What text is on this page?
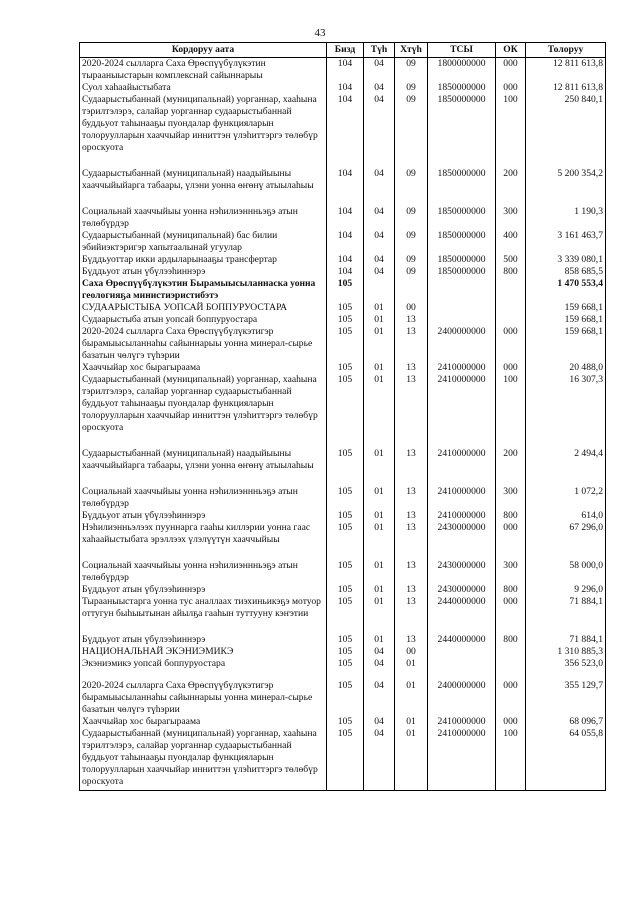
43
Кордоруу аата	Бизд	Түһ	Хтүһ	ТСЫ	ОК	Толоруу
2020-2024 сылларга Саха Өрөспүүбүлүкэтин тырааныыстарын комплекснай сайыннарыы	104	04	09	1800000000	000	12 811 613,8
Суол хаһаайыстыбата	104	04	09	1850000000	000	12 811 613,8
Судаарыстыбаннай (муниципальнай) уорганнар, хааһына тэрилтэлэрэ, салайар уорганнар судаарыстыбаннай буддьуот таһынааҕы пуондалар функцияларын толоруулларын хааччыйар инниттэн үлэһиттэргэ төлөбүр ороскуота	104	04	09	1850000000	100	250 840,1
Судаарыстыбаннай (муниципальнай) наадыйыыны хааччыйыйарга табаары, үлэни уонна өҥөнү атыылаһыы	104	04	09	1850000000	200	5 200 354,2
Социальнай хааччыйыы уонна нэһилиэннньэҕэ атын төлөбүрдэр	104	04	09	1850000000	300	1 190,3
Судаарыстыбаннай (муниципальнай) бас билии эбийиэктэригэр хапытаалынай угуулар	104	04	09	1850000000	400	3 161 463,7
Бүддьуоттар икки ардыларынааҕы трансфертар	104	04	09	1850000000	500	3 339 080,1
Бүддьуот атын үбүлээһиннэрэ	104	04	09	1850000000	800	858 685,5
Саха Өрөспүүбүлүкэтин Бырамыысыланнаска уонна геологияҕа министиэристибэтэ	105					1 470 553,4
СУДААРЫСТЫБА УОПСАЙ БОППУРУОСТАРА	105	01	00			159 668,1
Судаарыстыба атын уопсай боппуруостара	105	01	13			159 668,1
2020-2024 сылларга Саха Өрөспүүбүлүкэтигэр бырамыысыланнаһы сайыннарыы уонна минерал-сырье базатын чөлүгэ түһэрии	105	01	13	2400000000	000	159 668,1
Хааччыйар хос бырагыраама	105	01	13	2410000000	000	20 488,0
Судаарыстыбаннай (муниципальнай) уорганнар, хааһына тэрилтэлэрэ, салайар уорганнар судаарыстыбаннай буддьуот таһынааҕы пуондалар функцияларын толоруулларын хааччыйар инниттэн үлэһиттэргэ төлөбүр ороскуота	105	01	13	2410000000	100	16 307,3
Судаарыстыбаннай (муниципальнай) наадыйыыны хааччыйыйарга табаары, үлэни уонна өҥөнү атыылаһыы	105	01	13	2410000000	200	2 494,4
Социальнай хааччыйыы уонна нэһилиэннньэҕэ атын төлөбүрдэр	105	01	13	2410000000	300	1 072,2
Бүддьуот атын үбүлээһиннэрэ	105	01	13	2410000000	800	614,0
Нэһилиэнньэлээх пууннарга гааһы киллэрии уонна гаас хаһаайыстыбата эрэллээх үлэлүүтүн хааччыйыы	105	01	13	2430000000	000	67 296,0
Социальнай хааччыйыы уонна нэһилиэннньэҕэ атын төлөбүрдэр	105	01	13	2430000000	300	58 000,0
Бүддьуот атын үбүлээһиннэрэ	105	01	13	2430000000	800	9 296,0
Тырааныыстарга уонна тус аналлаах тиэхиньикэҕэ мотуор оттугун быһыытынан айылҕа гааһын туттууну кэҥэтии	105	01	13	2440000000	000	71 884,1
Бүддьуот атын үбүлээһиннэрэ	105	01	13	2440000000	800	71 884,1
НАЦИОНАЛЬНАЙ ЭКЭНИЭМИКЭ	105	04	00			1 310 885,3
Экэниэмикэ уопсай боппуруостара	105	04	01			356 523,0
2020-2024 сылларга Саха Өрөспүүбүлүкэтигэр бырамыысыланнаһы сайыннарыы уонна минерал-сырье базатын чөлүгэ түһэрии	105	04	01	2400000000	000	355 129,7
Хааччыйар хос бырагыраама	105	04	01	2410000000	000	68 096,7
Судаарыстыбаннай (муниципальнай) уорганнар, хааһына тэрилтэлэрэ, салайар уорганнар судаарыстыбаннай буддьуот таһынааҕы пуондалар функцияларын толоруулларын хааччыйар инниттэн үлэһиттэргэ төлөбүр ороскуота	105	04	01	2410000000	100	64 055,8
